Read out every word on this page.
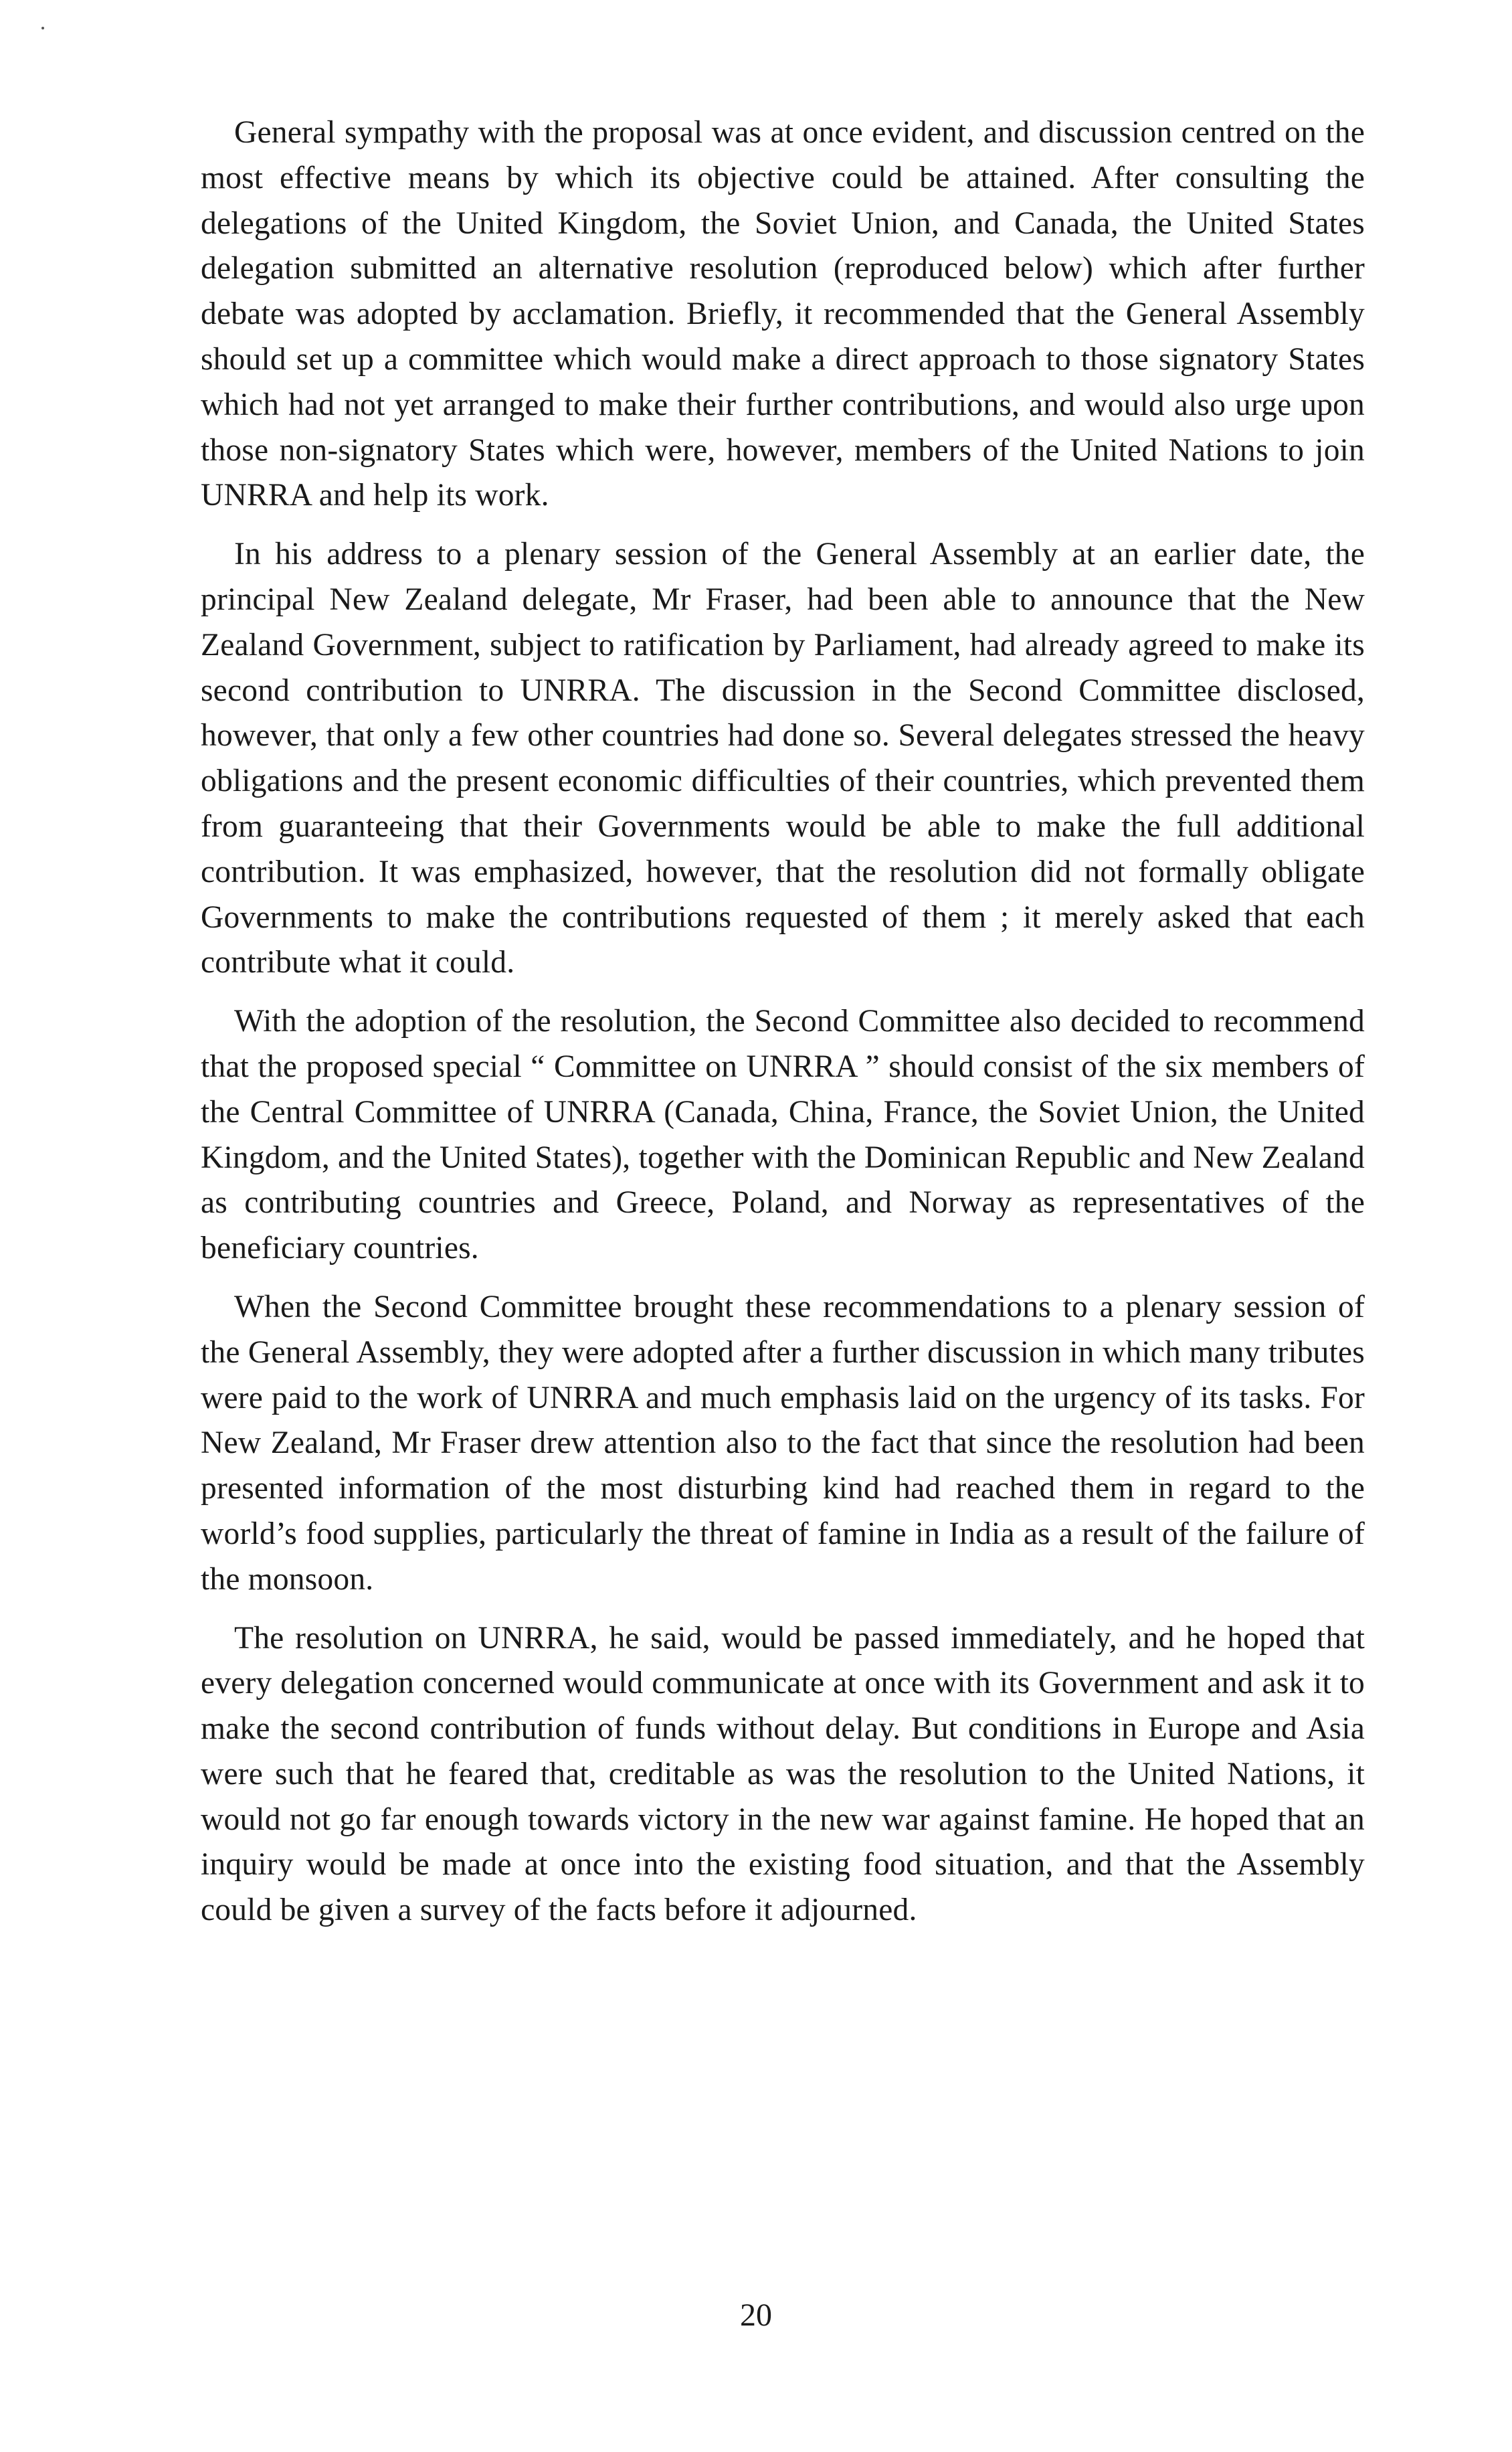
General sympathy with the proposal was at once evident, and discussion centred on the most effective means by which its objective could be attained. After consulting the delegations of the United Kingdom, the Soviet Union, and Canada, the United States delegation submitted an alternative resolution (reproduced below) which after further debate was adopted by acclamation. Briefly, it recommended that the General Assembly should set up a committee which would make a direct approach to those signatory States which had not yet arranged to make their further contributions, and would also urge upon those non-signatory States which were, however, members of the United Nations to join UNRRA and help its work.

In his address to a plenary session of the General Assembly at an earlier date, the principal New Zealand delegate, Mr Fraser, had been able to announce that the New Zealand Government, subject to ratification by Parliament, had already agreed to make its second contribution to UNRRA. The discussion in the Second Committee disclosed, however, that only a few other countries had done so. Several delegates stressed the heavy obligations and the present economic difficulties of their countries, which prevented them from guaranteeing that their Governments would be able to make the full additional contribution. It was emphasized, however, that the resolution did not formally obligate Governments to make the contributions requested of them ; it merely asked that each contribute what it could.

With the adoption of the resolution, the Second Committee also decided to recommend that the proposed special “ Committee on UNRRA ” should consist of the six members of the Central Committee of UNRRA (Canada, China, France, the Soviet Union, the United Kingdom, and the United States), together with the Dominican Republic and New Zealand as contributing countries and Greece, Poland, and Norway as representatives of the beneficiary countries.

When the Second Committee brought these recommendations to a plenary session of the General Assembly, they were adopted after a further discussion in which many tributes were paid to the work of UNRRA and much emphasis laid on the urgency of its tasks. For New Zealand, Mr Fraser drew attention also to the fact that since the resolution had been presented information of the most disturbing kind had reached them in regard to the world’s food supplies, particularly the threat of famine in India as a result of the failure of the monsoon.

The resolution on UNRRA, he said, would be passed immediately, and he hoped that every delegation concerned would communicate at once with its Government and ask it to make the second contribution of funds without delay. But conditions in Europe and Asia were such that he feared that, creditable as was the resolution to the United Nations, it would not go far enough towards victory in the new war against famine. He hoped that an inquiry would be made at once into the existing food situation, and that the Assembly could be given a survey of the facts before it adjourned.

20
